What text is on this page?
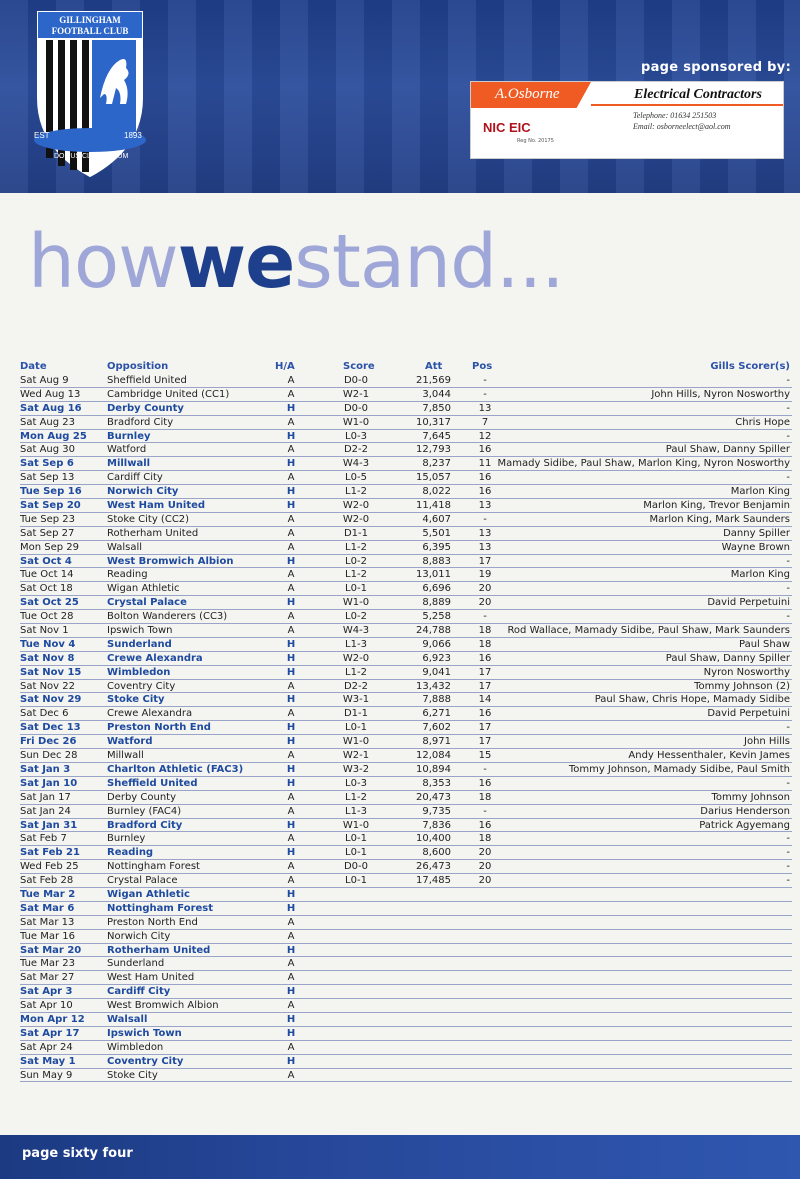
EST	1893
DOMUS CLAMANTIUM
GILLINGHAM
FOOTBALL CLUB
page sponsored by:
A.Osborne	Electrical Contractors
Telephone: 01634 251503
Email: osborneelect@aol.com
NIC EIC
Reg No. 20175
howwestand...
Date	Opposition	H/A	Score	Att	Pos	Gills Scorer(s)
Sat Aug 9	Sheffield United	A	D0-0	21,569	-	-
Wed Aug 13	Cambridge United (CC1)	A	W2-1	3,044	-	John Hills, Nyron Nosworthy
Sat Aug 16	Derby County	H	D0-0	7,850	13	-
Sat Aug 23	Bradford City	A	W1-0	10,317	7	Chris Hope
Mon Aug 25 Burnley	H	L0-3	7,645	12	-
Sat Aug 30	Watford	A	D2-2	12,793	16	Paul Shaw, Danny Spiller
Sat Sep 6	Millwall	H	W4-3	8,237	11 Mamady Sidibe, Paul Shaw, Marlon King, Nyron Nosworthy
Sat Sep 13	Cardiff City	A	L0-5	15,057	16	-
Tue Sep 16	Norwich City	H	L1-2	8,022	16	Marlon King
Sat Sep 20	West Ham United	H	W2-0	11,418	13	Marlon King, Trevor Benjamin
Tue Sep 23	Stoke City (CC2)	A	W2-0	4,607	-	Marlon King, Mark Saunders
Sat Sep 27	Rotherham United	A	D1-1	5,501	13	Danny Spiller
Mon Sep 29	Walsall	A	L1-2	6,395	13	Wayne Brown
Sat Oct 4	West Bromwich Albion	H	L0-2	8,883	17	-
Tue Oct 14	Reading	A	L1-2	13,011	19	Marlon King
Sat Oct 18	Wigan Athletic	A	L0-1	6,696	20	-
Sat Oct 25	Crystal Palace	H	W1-0	8,889	20	David Perpetuini
Tue Oct 28	Bolton Wanderers (CC3)	A	L0-2	5,258	-	-
Sat Nov 1	Ipswich Town	A	W4-3	24,788	18	Rod Wallace, Mamady Sidibe, Paul Shaw, Mark Saunders
Tue Nov 4	Sunderland	H	L1-3	9,066	18	Paul Shaw
Sat Nov 8	Crewe Alexandra	H	W2-0	6,923	16	Paul Shaw, Danny Spiller
Sat Nov 15	Wimbledon	H	L1-2	9,041	17	Nyron Nosworthy
Sat Nov 22	Coventry City	A	D2-2	13,432	17	Tommy Johnson (2)
Sat Nov 29	Stoke City	H	W3-1	7,888	14	Paul Shaw, Chris Hope, Mamady Sidibe
Sat Dec 6	Crewe Alexandra	A	D1-1	6,271	16	David Perpetuini
Sat Dec 13	Preston North End	H	L0-1	7,602	17	-
Fri Dec 26	Watford	H	W1-0	8,971	17	John Hills
Sun Dec 28	Millwall	A	W2-1	12,084	15	Andy Hessenthaler, Kevin James
Sat Jan 3	Charlton Athletic (FAC3)	H	W3-2	10,894	-	Tommy Johnson, Mamady Sidibe, Paul Smith
Sat Jan 10	Sheffield United	H	L0-3	8,353	16	-
Sat Jan 17	Derby County	A	L1-2	20,473	18	Tommy Johnson
Sat Jan 24	Burnley (FAC4)	A	L1-3	9,735	-	Darius Henderson
Sat Jan 31	Bradford City	H	W1-0	7,836	16	Patrick Agyemang
Sat Feb 7	Burnley	A	L0-1	10,400	18	-
Sat Feb 21	Reading	H	L0-1	8,600	20	-
Wed Feb 25	Nottingham Forest	A	D0-0	26,473	20	-
Sat Feb 28	Crystal Palace	A	L0-1	17,485	20	-
Tue Mar 2	Wigan Athletic	H
Sat Mar 6	Nottingham Forest	H
Sat Mar 13	Preston North End	A
Tue Mar 16	Norwich City	A
Sat Mar 20	Rotherham United	H
Tue Mar 23	Sunderland	A
Sat Mar 27	West Ham United	A
Sat Apr 3	Cardiff City	H
Sat Apr 10	West Bromwich Albion	A
Mon Apr 12 Walsall	H
Sat Apr 17	Ipswich Town	H
Sat Apr 24	Wimbledon	A
Sat May 1	Coventry City	H
Sun May 9	Stoke City	A
page sixty four
